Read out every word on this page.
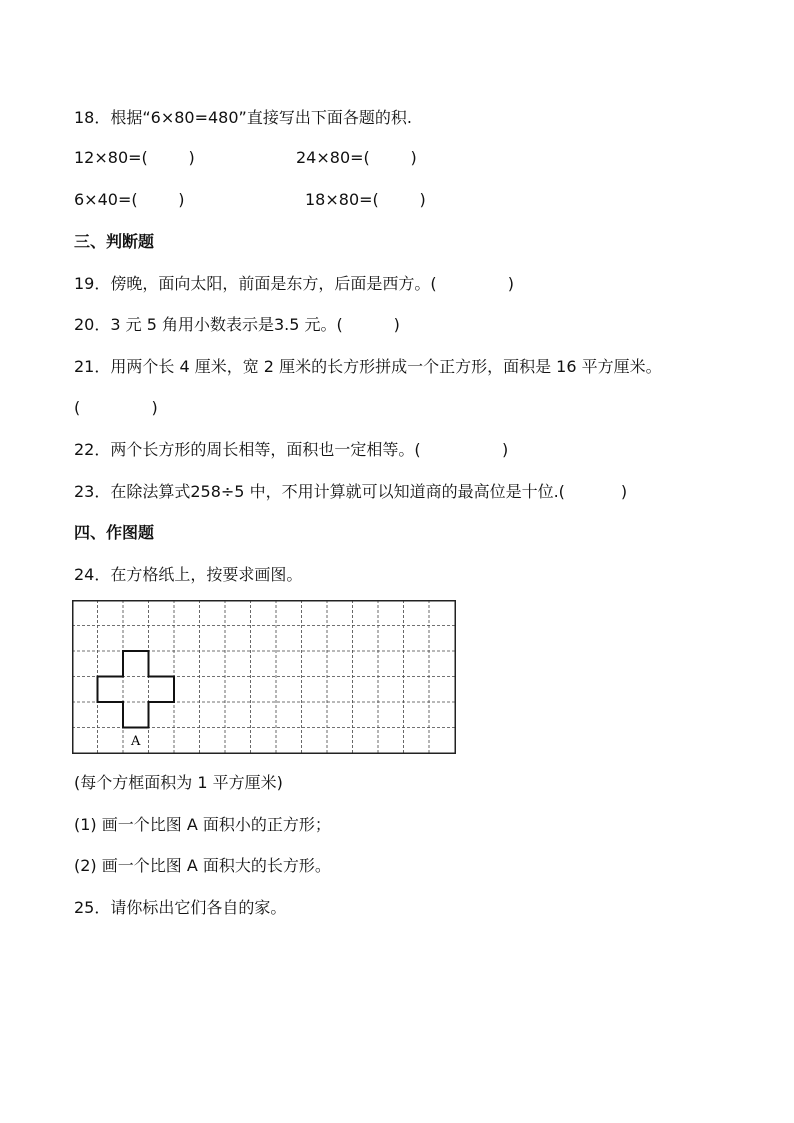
18．根据“6×80=480”直接写出下面各题的积.
12×80=(        )	24×80=(        )
6×40=(        )	18×80=(        )
三、判断题
19．傍晚，面向太阳，前面是东方，后面是西方。(              )
20．3 元 5 角用小数表示是3.5 元。(          )
21．用两个长 4 厘米，宽 2 厘米的长方形拼成一个正方形，面积是 16 平方厘米。
(              )
22．两个长方形的周长相等，面积也一定相等。(                )
23．在除法算式258÷5 中，不用计算就可以知道商的最高位是十位.(           )
四、作图题
24．在方格纸上，按要求画图。
A
(每个方框面积为 1 平方厘米)
(1) 画一个比图 A 面积小的正方形；
(2) 画一个比图 A 面积大的长方形。
25．请你标出它们各自的家。
